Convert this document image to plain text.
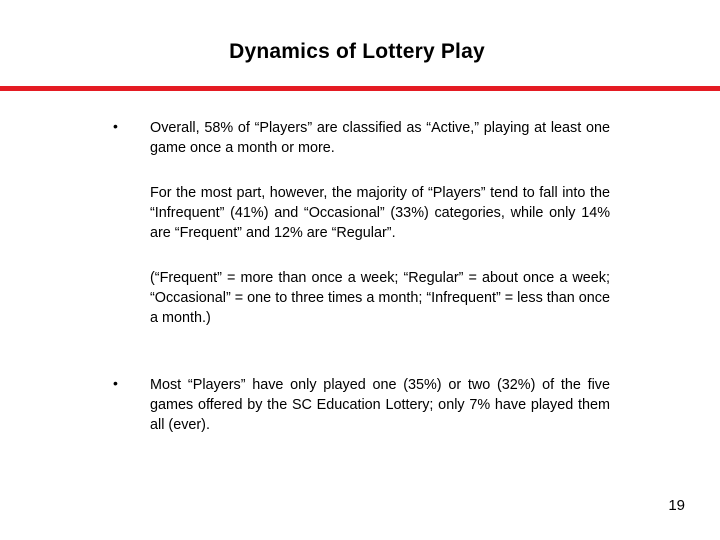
Dynamics of Lottery Play
• Overall, 58% of “Players” are classified as “Active,” playing at least one game once a month or more.
For the most part, however, the majority of “Players” tend to fall into the “Infrequent” (41%) and “Occasional” (33%) categories, while only 14% are “Frequent” and 12% are “Regular”.
(“Frequent” = more than once a week; “Regular” = about once a week; “Occasional” = one to three times a month; “Infrequent” = less than once a month.)
• Most “Players” have only played one (35%) or two (32%) of the five games offered by the SC Education Lottery; only 7% have played them all (ever).
19
